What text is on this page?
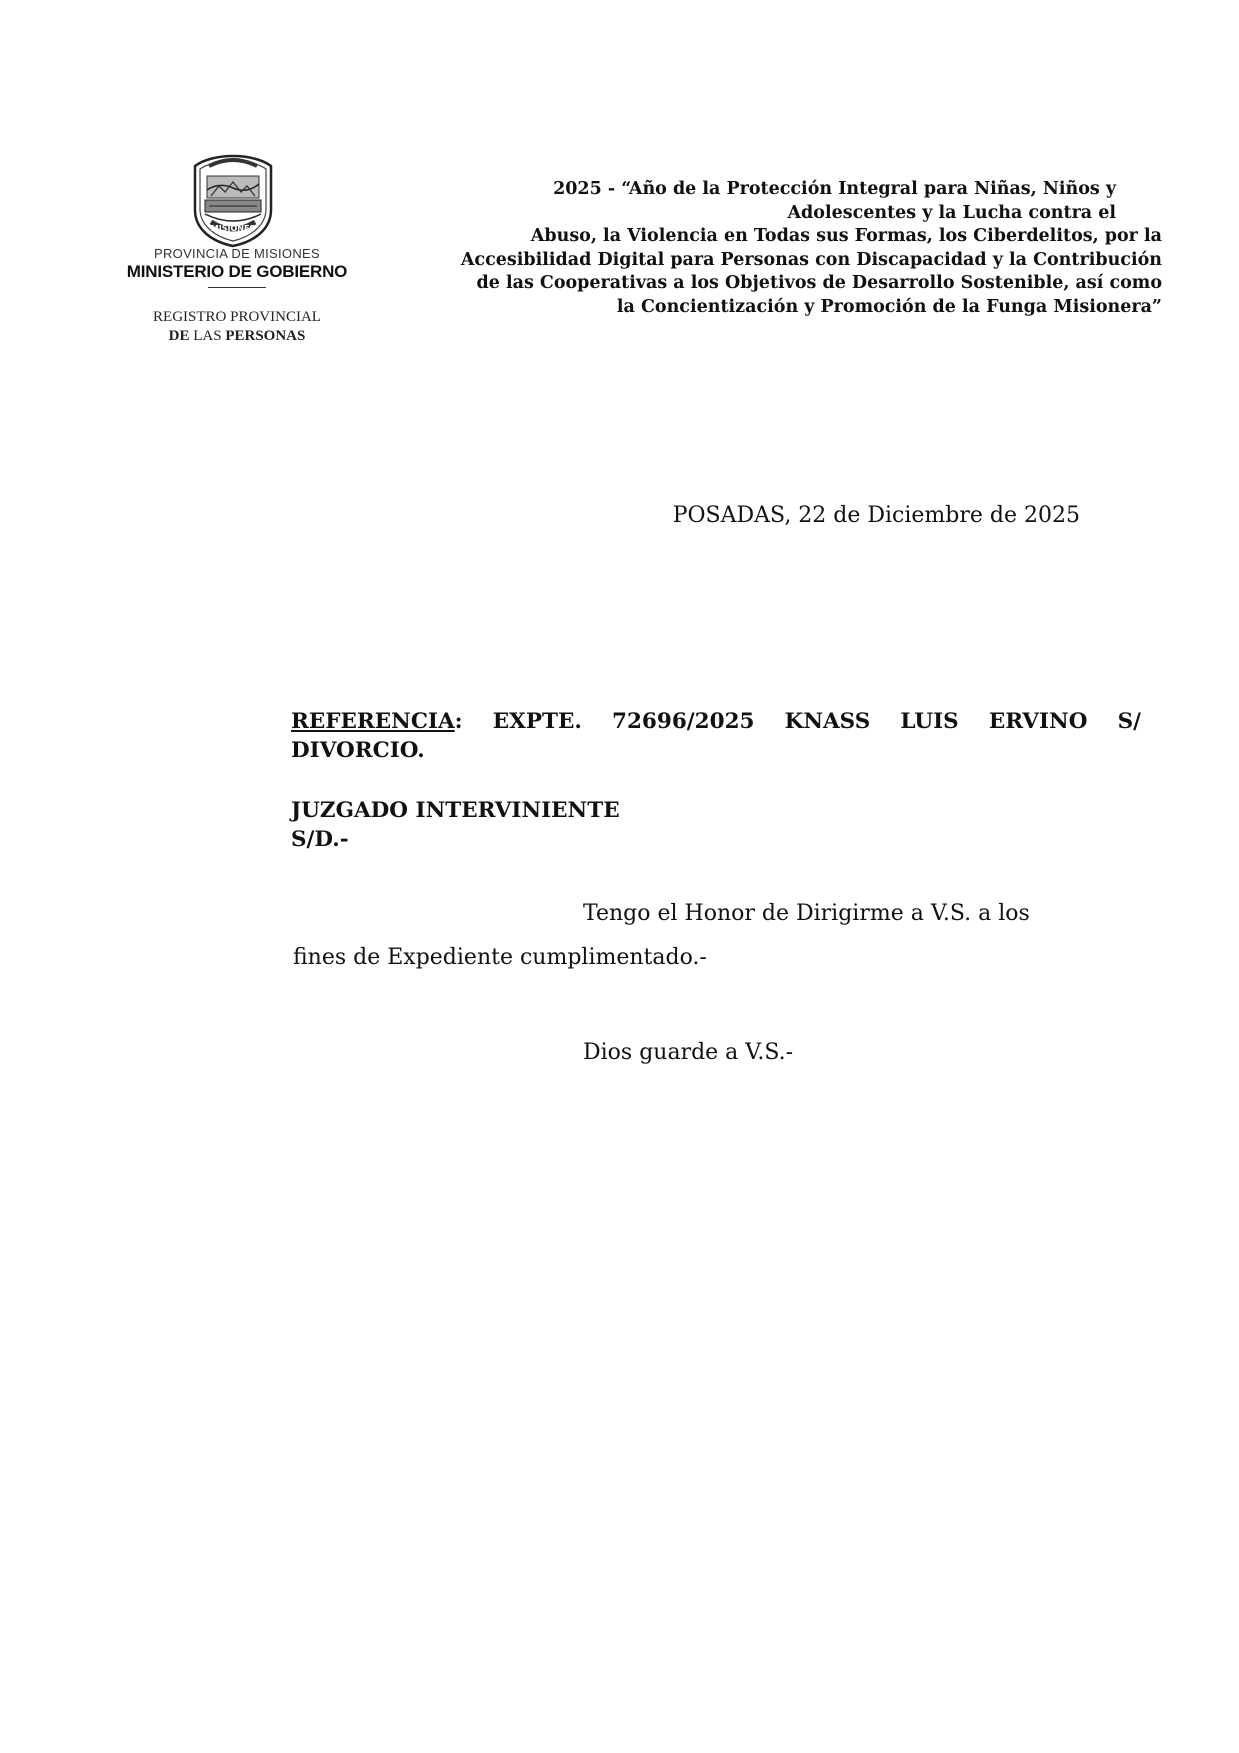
MISIONES
PROVINCIA DE MISIONES
MINISTERIO DE GOBIERNO
REGISTRO PROVINCIAL
DE LAS PERSONAS
2025 - “Año de la Protección Integral para Niñas, Niños y
Adolescentes y la Lucha contra el
Abuso, la Violencia en Todas sus Formas, los Ciberdelitos, por la
Accesibilidad Digital para Personas con Discapacidad y la Contribución
de las Cooperativas a los Objetivos de Desarrollo Sostenible, así como
la Concientización y Promoción de la Funga Misionera”
POSADAS, 22 de Diciembre de 2025
REFERENCIA: EXPTE. 72696/2025 KNASS LUIS ERVINO S/
DIVORCIO.
JUZGADO INTERVINIENTE
S/D.-
Tengo el Honor de Dirigirme a V.S. a los
fines de Expediente cumplimentado.-
Dios guarde a V.S.-
